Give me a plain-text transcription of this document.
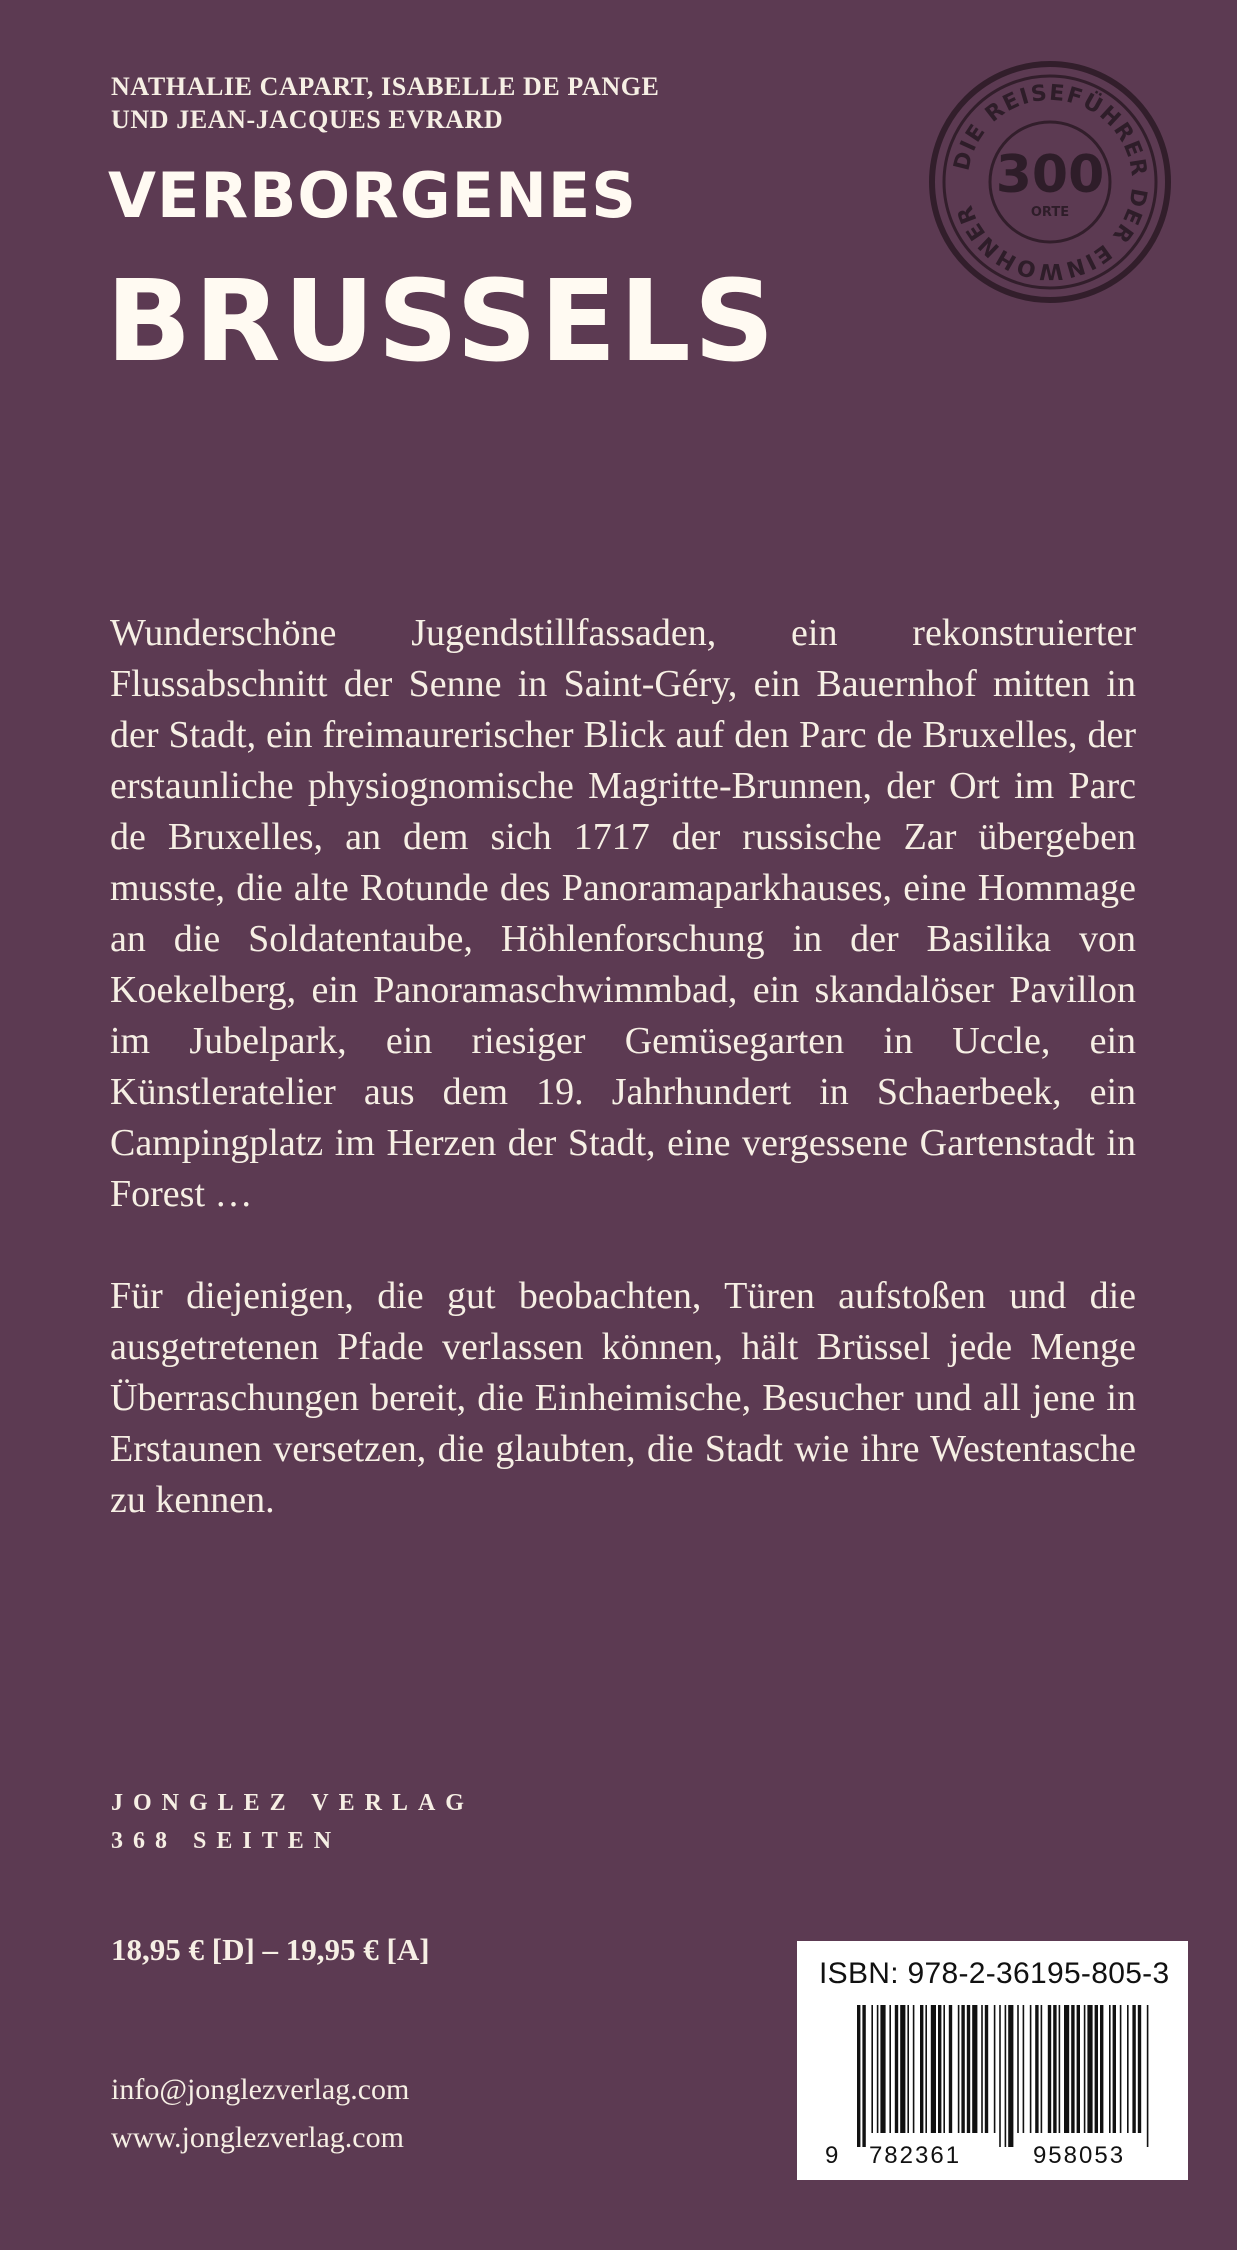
NATHALIE CAPART, ISABELLE DE PANGE
UND JEAN-JACQUES EVRARD
VERBORGENES
BRUSSELS
DIE REISEFÜHRER DER EINWOHNER
300
ORTE

Wunderschöne Jugendstillfassaden, ein rekonstruierter Flussabschnitt der Senne in Saint-Géry, ein Bauernhof mitten in der Stadt, ein freimaurerischer Blick auf den Parc de Bruxelles, der erstaunliche physiognomische Magritte-Brunnen, der Ort im Parc de Bruxelles, an dem sich 1717 der russische Zar übergeben musste, die alte Rotunde des Panoramaparkhauses, eine Hommage an die Soldatentaube, Höhlenforschung in der Basilika von Koekelberg, ein Panoramaschwimmbad, ein skandalöser Pavillon im Jubelpark, ein riesiger Gemüsegarten in Uccle, ein Künstleratelier aus dem 19. Jahrhundert in Schaerbeek, ein Campingplatz im Herzen der Stadt, eine vergessene Gartenstadt in Forest …

Für diejenigen, die gut beobachten, Türen aufstoßen und die ausgetretenen Pfade verlassen können, hält Brüssel jede Menge Überraschungen bereit, die Einheimische, Besucher und all jene in Erstaunen versetzen, die glaubten, die Stadt wie ihre Westentasche zu kennen.

JONGLEZ VERLAG
368 SEITEN
18,95 € [D] – 19,95 € [A]
info@jonglezverlag.com
www.jonglezverlag.com
ISBN: 978-2-36195-805-3
9 782361	958053
